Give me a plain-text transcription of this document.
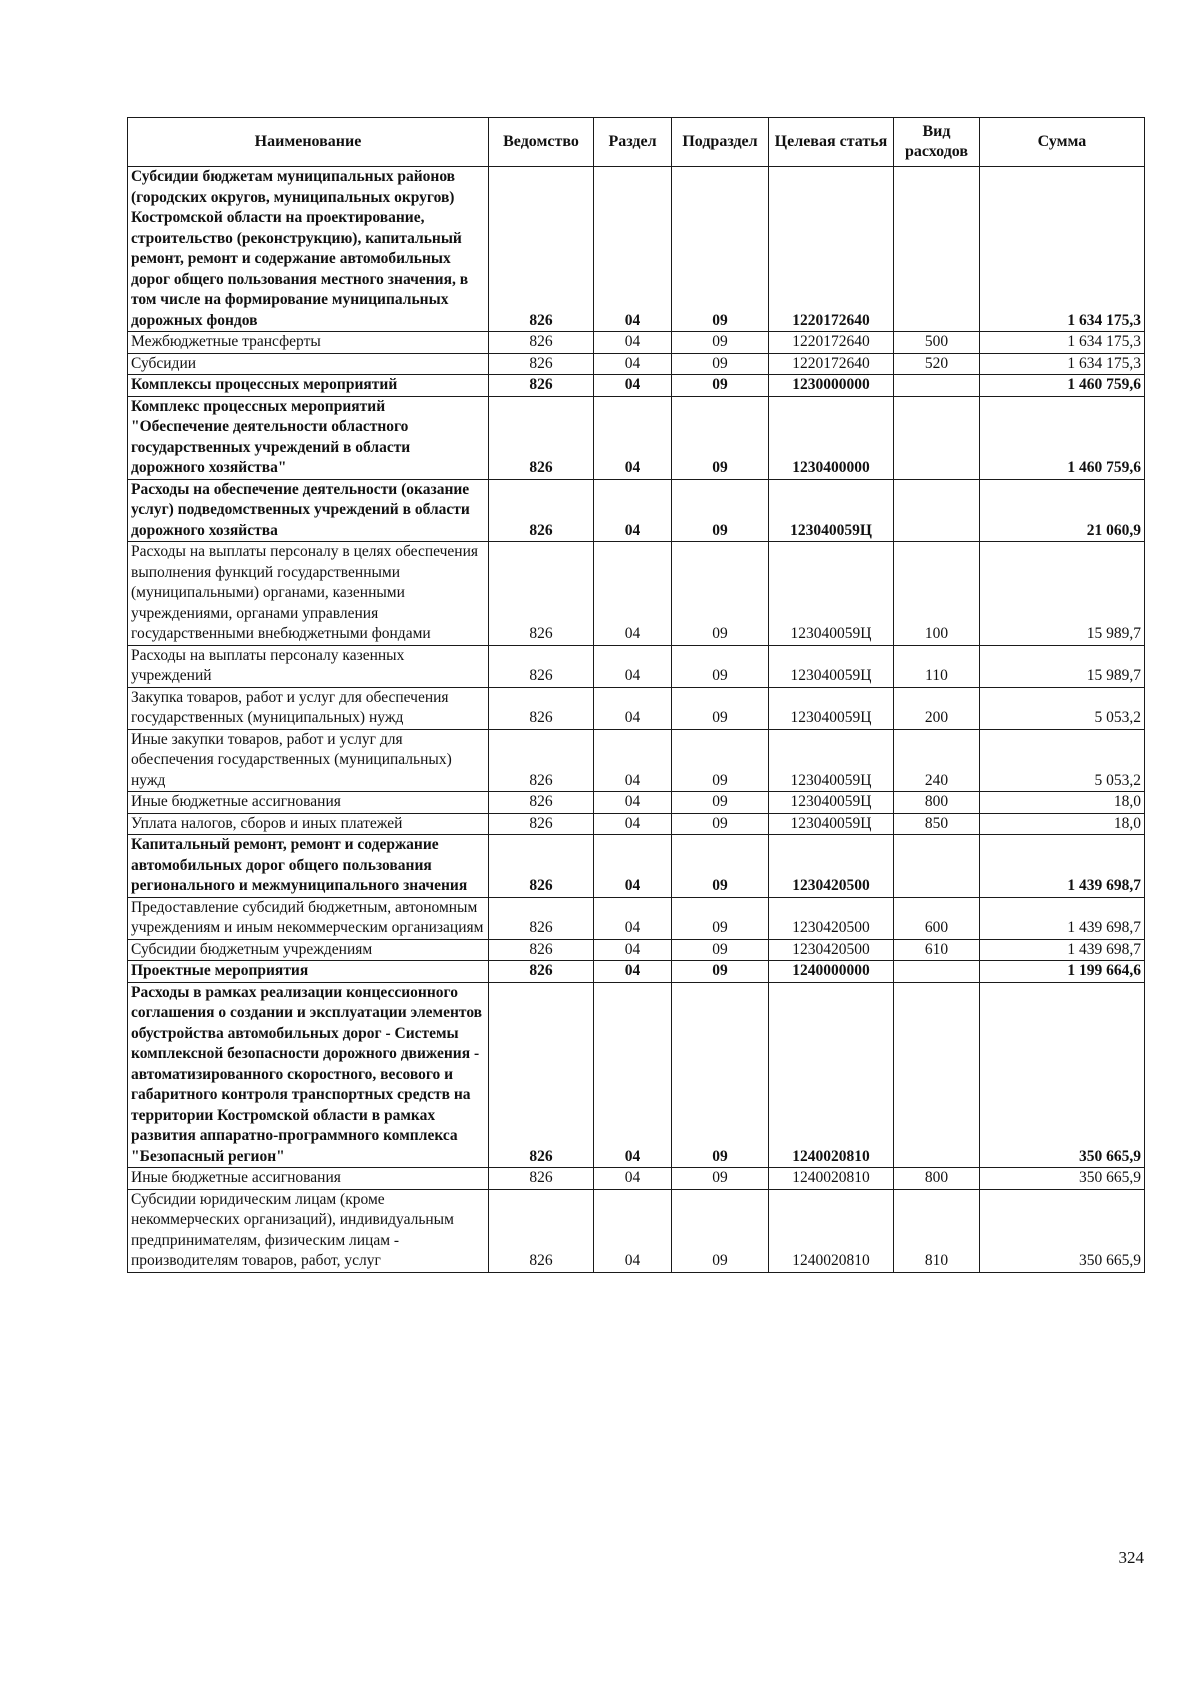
Наименование	Ведомство	Раздел	Подраздел	Целевая статья	Вид расходов	Сумма
Субсидии бюджетам муниципальных районов (городских округов, муниципальных округов) Костромской области на проектирование, строительство (реконструкцию), капитальный ремонт, ремонт и содержание автомобильных дорог общего пользования местного значения, в том числе на формирование муниципальных дорожных фондов	826	04	09	1220172640		1 634 175,3
Межбюджетные трансферты	826	04	09	1220172640	500	1 634 175,3
Субсидии	826	04	09	1220172640	520	1 634 175,3
Комплексы процессных мероприятий	826	04	09	1230000000		1 460 759,6
Комплекс процессных мероприятий "Обеспечение деятельности областного государственных учреждений в области дорожного хозяйства"	826	04	09	1230400000		1 460 759,6
Расходы на обеспечение деятельности (оказание услуг) подведомственных учреждений в области дорожного хозяйства	826	04	09	123040059Ц		21 060,9
Расходы на выплаты персоналу в целях обеспечения выполнения функций государственными (муниципальными) органами, казенными учреждениями, органами управления государственными внебюджетными фондами	826	04	09	123040059Ц	100	15 989,7
Расходы на выплаты персоналу казенных учреждений	826	04	09	123040059Ц	110	15 989,7
Закупка товаров, работ и услуг для обеспечения государственных (муниципальных) нужд	826	04	09	123040059Ц	200	5 053,2
Иные закупки товаров, работ и услуг для обеспечения государственных (муниципальных) нужд	826	04	09	123040059Ц	240	5 053,2
Иные бюджетные ассигнования	826	04	09	123040059Ц	800	18,0
Уплата налогов, сборов и иных платежей	826	04	09	123040059Ц	850	18,0
Капитальный ремонт, ремонт и содержание автомобильных дорог общего пользования регионального и межмуниципального значения	826	04	09	1230420500		1 439 698,7
Предоставление субсидий бюджетным, автономным учреждениям и иным некоммерческим организациям	826	04	09	1230420500	600	1 439 698,7
Субсидии бюджетным учреждениям	826	04	09	1230420500	610	1 439 698,7
Проектные мероприятия	826	04	09	1240000000		1 199 664,6
Расходы в рамках реализации концессионного соглашения о создании и эксплуатации элементов обустройства автомобильных дорог - Системы комплексной безопасности дорожного движения - автоматизированного скоростного, весового и габаритного контроля транспортных средств на территории Костромской области в рамках развития аппаратно-программного комплекса "Безопасный регион"	826	04	09	1240020810		350 665,9
Иные бюджетные ассигнования	826	04	09	1240020810	800	350 665,9
Субсидии юридическим лицам (кроме некоммерческих организаций), индивидуальным предпринимателям, физическим лицам - производителям товаров, работ, услуг	826	04	09	1240020810	810	350 665,9
324
